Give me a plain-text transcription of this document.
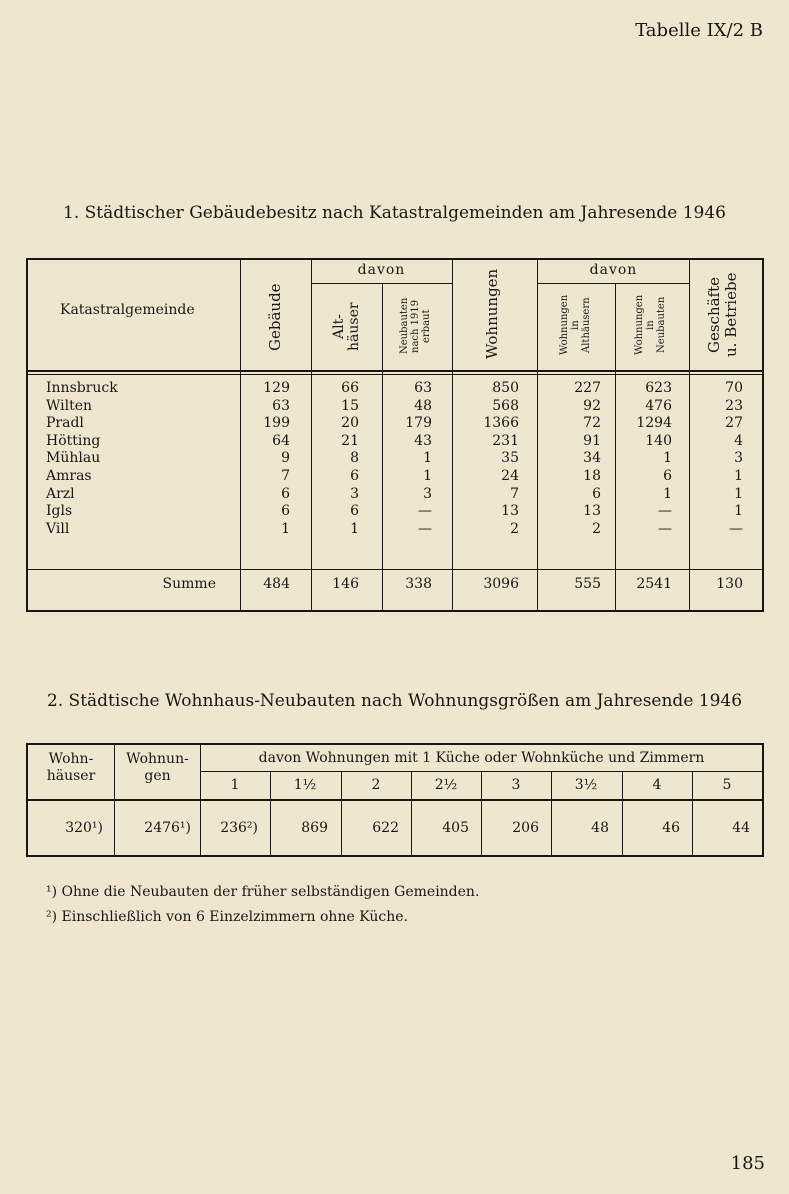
Tabelle IX/2 B
1. Städtischer Gebäudebesitz nach Katastralgemeinden am Jahresende 1946
Katastralgemeinde	Gebäude
davon
Alt-
häuser	Neubauten
nach 1919
erbaut	Wohnungen	davon
Wohnungen
in
Althäusern	Wohnungen
in
Neubauten	Geschäfte
u. Betriebe
Innsbruck	129	66	63	850	227	623	70
Wilten	63	15	48	568	92	476	23
Pradl	199	20	179	1366	72	1294	27
Hötting	64	21	43	231	91	140	4
Mühlau	9	8	1	35	34	1	3
Amras	7	6	1	24	18	6	1
Arzl	6	3	3	7	6	1	1
Igls	6	6	—	13	13	—	1
Vill	1	1	—	2	2	—	—
Summe	484	146	338	3096	555	2541	130
2. Städtische Wohnhaus-Neubauten nach Wohnungsgrößen am Jahresende 1946
Wohn-
häuser
Wohnun-
gen
davon Wohnungen mit 1 Küche oder Wohnküche und Zimmern
1	1½	2	2½	3	3½	4	5
320¹)	2476¹)	236²)	869	622	405	206	48	46	44
¹) Ohne die Neubauten der früher selbständigen Gemeinden.
²) Einschließlich von 6 Einzelzimmern ohne Küche.
185
